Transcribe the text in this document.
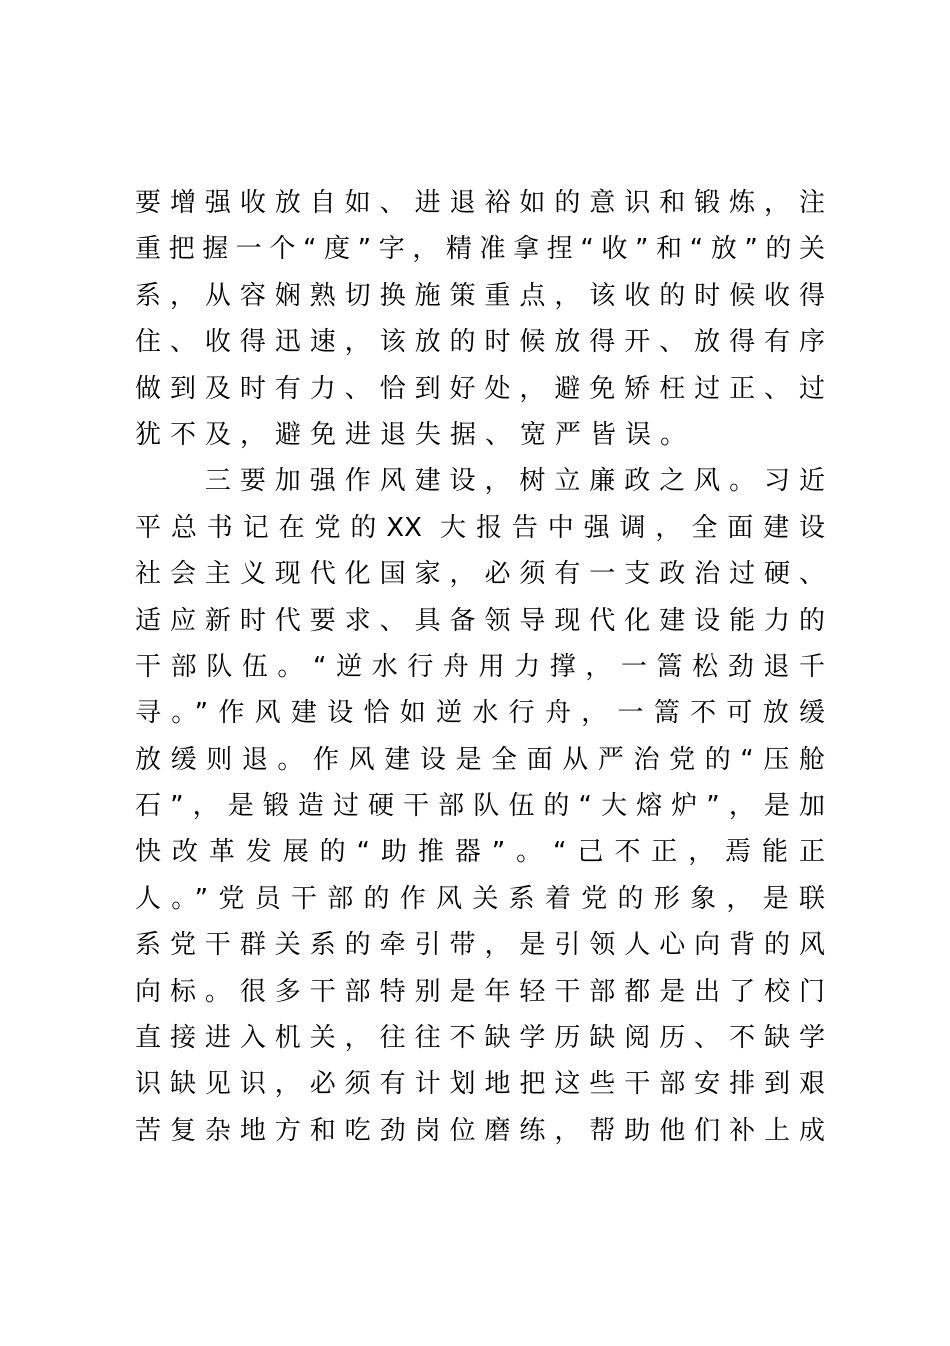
要增强收放自如、进退裕如的意识和锻炼，注
重把握一个“度”字，精准拿捏“收”和“放”的关
系，从容娴熟切换施策重点，该收的时候收得
住、收得迅速，该放的时候放得开、放得有序
做到及时有力、恰到好处，避免矫枉过正、过
犹不及，避免进退失据、宽严皆误。
　　三要加强作风建设，树立廉政之风。习近
平总书记在党的XX 大报告中强调，全面建设
社会主义现代化国家，必须有一支政治过硬、
适应新时代要求、具备领导现代化建设能力的
干部队伍。“逆水行舟用力撑，一篙松劲退千
寻。”作风建设恰如逆水行舟，一篙不可放缓
放缓则退。作风建设是全面从严治党的“压舱
石”，是锻造过硬干部队伍的“大熔炉”，是加
快改革发展的“助推器”。“己不正，焉能正
人。”党员干部的作风关系着党的形象，是联
系党干群关系的牵引带，是引领人心向背的风
向标。很多干部特别是年轻干部都是出了校门
直接进入机关，往往不缺学历缺阅历、不缺学
识缺见识，必须有计划地把这些干部安排到艰
苦复杂地方和吃劲岗位磨练，帮助他们补上成
